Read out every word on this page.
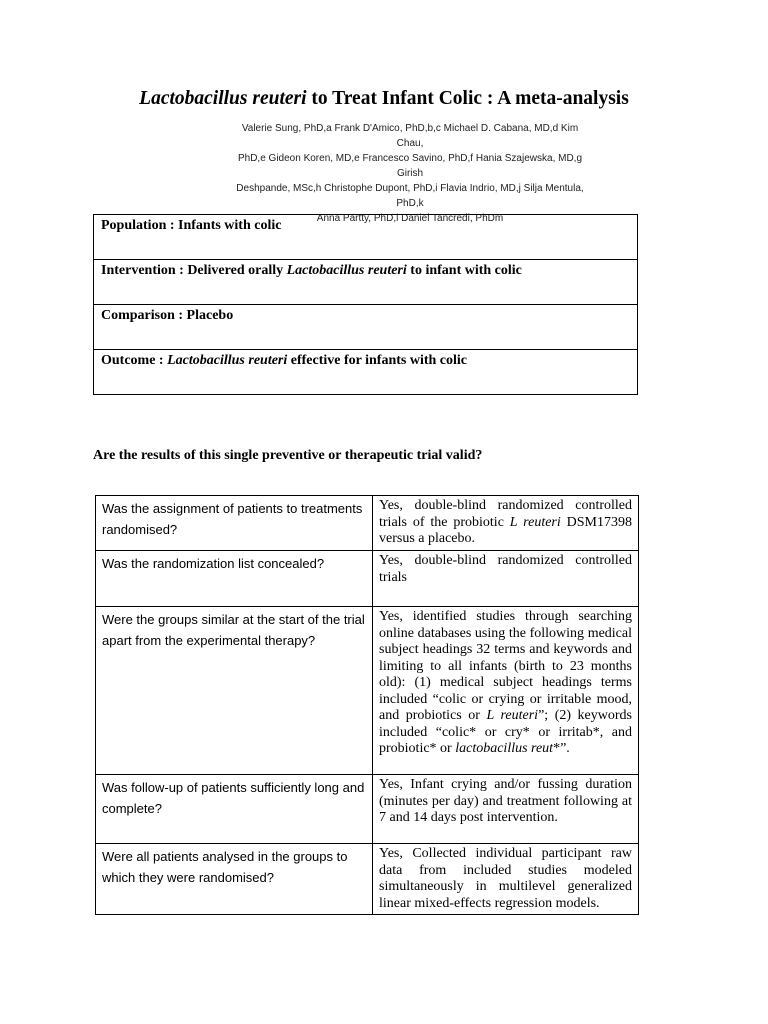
Lactobacillus reuteri to Treat Infant Colic : A meta-analysis
Valerie Sung, PhD,a Frank D'Amico, PhD,b,c Michael D. Cabana, MD,d Kim Chau,
PhD,e Gideon Koren, MD,e Francesco Savino, PhD,f Hania Szajewska, MD,g Girish
Deshpande, MSc,h Christophe Dupont, PhD,i Flavia Indrio, MD,j Silja Mentula, PhD,k
Anna Partty, PhD,l Daniel Tancredi, PhDm
Population : Infants with colic
Intervention : Delivered orally Lactobacillus reuteri to infant with colic
Comparison : Placebo
Outcome : Lactobacillus reuteri effective for infants with colic
Are the results of this single preventive or therapeutic trial valid?
Was the assignment of patients to treatments randomised?	Yes, double-blind randomized controlled trials of the probiotic L reuteri DSM17398 versus a placebo.
Was the randomization list concealed?	Yes, double-blind randomized controlled trials
Were the groups similar at the start of the trial apart from the experimental therapy?	Yes, identified studies through searching online databases using the following medical subject headings 32 terms and keywords and limiting to all infants (birth to 23 months old): (1) medical subject headings terms included “colic or crying or irritable mood, and probiotics or L reuteri”; (2) keywords included “colic* or cry* or irritab*, and probiotic* or lactobacillus reut*”.
Was follow-up of patients sufficiently long and complete?	Yes, Infant crying and/or fussing duration (minutes per day) and treatment following at 7 and 14 days post intervention.
Were all patients analysed in the groups to which they were randomised?	Yes, Collected individual participant raw data from included studies modeled simultaneously in multilevel generalized linear mixed-effects regression models.
